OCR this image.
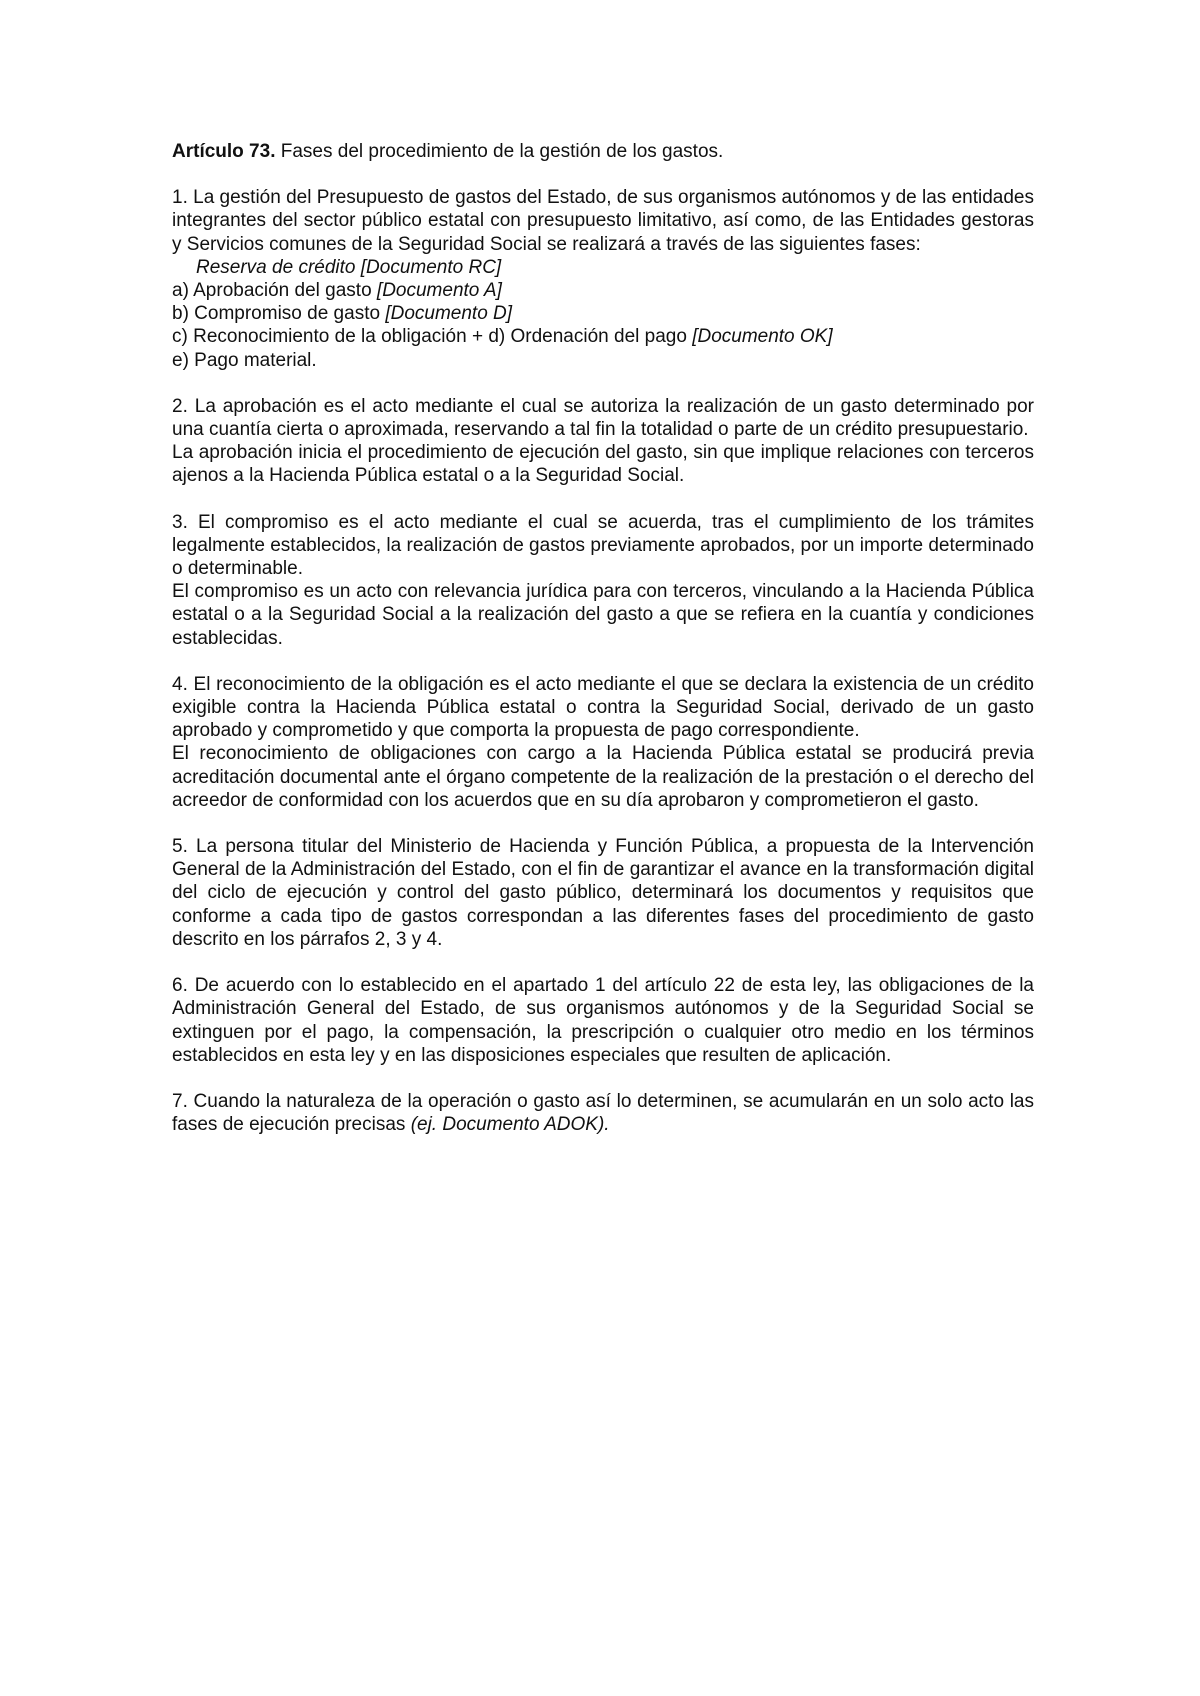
Artículo 73. Fases del procedimiento de la gestión de los gastos.

1. La gestión del Presupuesto de gastos del Estado, de sus organismos autónomos y de las entidades integrantes del sector público estatal con presupuesto limitativo, así como, de las Entidades gestoras y Servicios comunes de la Seguridad Social se realizará a través de las siguientes fases:

Reserva de crédito [Documento RC]
a) Aprobación del gasto [Documento A]
b) Compromiso de gasto [Documento D]
c) Reconocimiento de la obligación + d) Ordenación del pago [Documento OK]
e) Pago material.

2. La aprobación es el acto mediante el cual se autoriza la realización de un gasto determinado por una cuantía cierta o aproximada, reservando a tal fin la totalidad o parte de un crédito presupuestario.

La aprobación inicia el procedimiento de ejecución del gasto, sin que implique relaciones con terceros ajenos a la Hacienda Pública estatal o a la Seguridad Social.

3. El compromiso es el acto mediante el cual se acuerda, tras el cumplimiento de los trámites legalmente establecidos, la realización de gastos previamente aprobados, por un importe determinado o determinable.

El compromiso es un acto con relevancia jurídica para con terceros, vinculando a la Hacienda Pública estatal o a la Seguridad Social a la realización del gasto a que se refiera en la cuantía y condiciones establecidas.

4. El reconocimiento de la obligación es el acto mediante el que se declara la existencia de un crédito exigible contra la Hacienda Pública estatal o contra la Seguridad Social, derivado de un gasto aprobado y comprometido y que comporta la propuesta de pago correspondiente.

El reconocimiento de obligaciones con cargo a la Hacienda Pública estatal se producirá previa acreditación documental ante el órgano competente de la realización de la prestación o el derecho del acreedor de conformidad con los acuerdos que en su día aprobaron y comprometieron el gasto.

5. La persona titular del Ministerio de Hacienda y Función Pública, a propuesta de la Intervención General de la Administración del Estado, con el fin de garantizar el avance en la transformación digital del ciclo de ejecución y control del gasto público, determinará los documentos y requisitos que conforme a cada tipo de gastos correspondan a las diferentes fases del procedimiento de gasto descrito en los párrafos 2, 3 y 4.

6. De acuerdo con lo establecido en el apartado 1 del artículo 22 de esta ley, las obligaciones de la Administración General del Estado, de sus organismos autónomos y de la Seguridad Social se extinguen por el pago, la compensación, la prescripción o cualquier otro medio en los términos establecidos en esta ley y en las disposiciones especiales que resulten de aplicación.

7. Cuando la naturaleza de la operación o gasto así lo determinen, se acumularán en un solo acto las fases de ejecución precisas (ej. Documento ADOK).
